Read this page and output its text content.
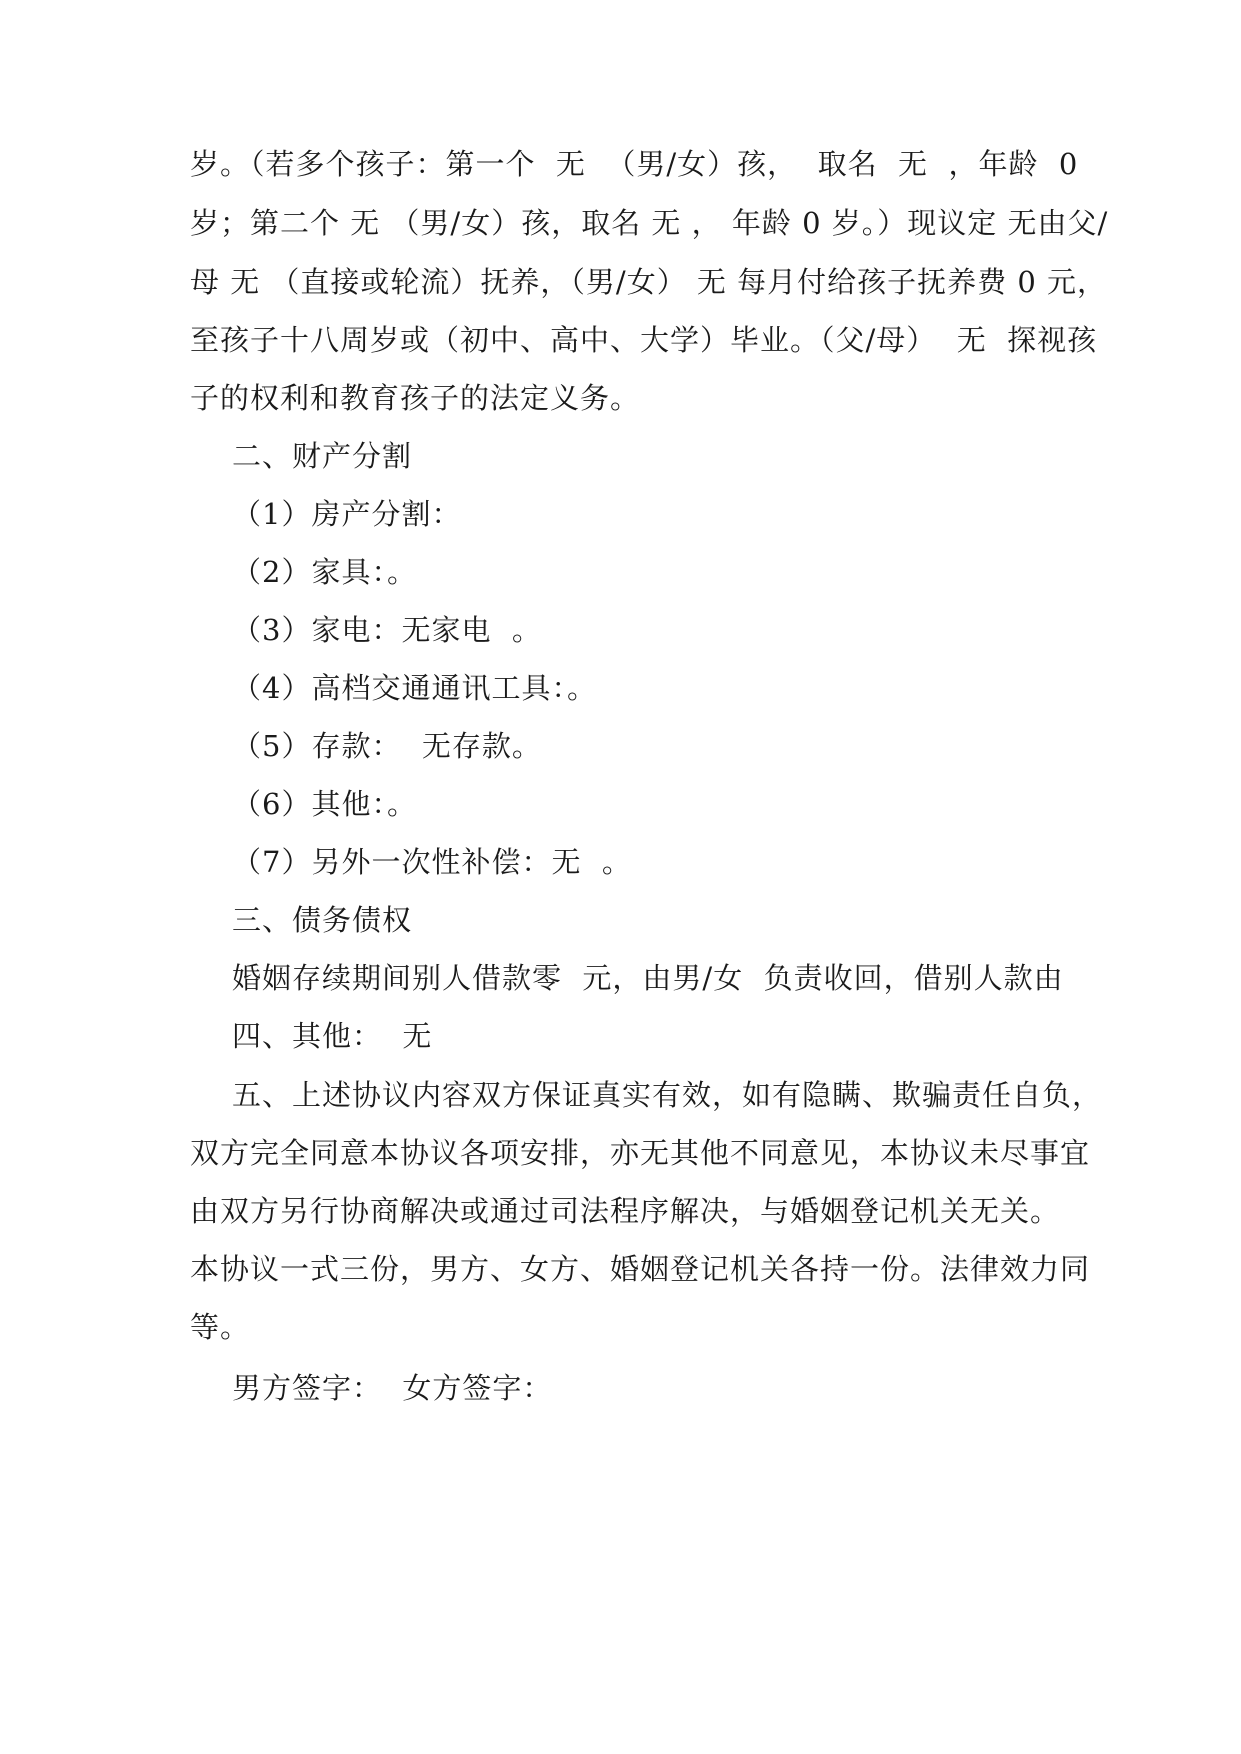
岁。（若多个孩子：第一个  无  （男/女）孩，  取名  无  ，年龄  0
岁；第二个 无 （男/女）孩，取名 无 ， 年龄 0 岁。）现议定 无由父/
母 无 （直接或轮流）抚养，（男/女） 无 每月付给孩子抚养费 0 元，
至孩子十八周岁或（初中、高中、大学）毕业。（父/母）  无  探视孩
子的权利和教育孩子的法定义务。
二、财产分割
（1）房产分割：
（2）家具：。
（3）家电：无家电  。
（4）高档交通通讯工具：。
（5）存款：  无存款。
（6）其他：。
（7）另外一次性补偿：无  。
三、债务债权
婚姻存续期间别人借款零  元，由男/女  负责收回，借别人款由
四、其他：  无
五、上述协议内容双方保证真实有效，如有隐瞒、欺骗责任自负，
双方完全同意本协议各项安排，亦无其他不同意见，本协议未尽事宜
由双方另行协商解决或通过司法程序解决，与婚姻登记机关无关。
本协议一式三份，男方、女方、婚姻登记机关各持一份。法律效力同
等。
男方签字：  女方签字：
